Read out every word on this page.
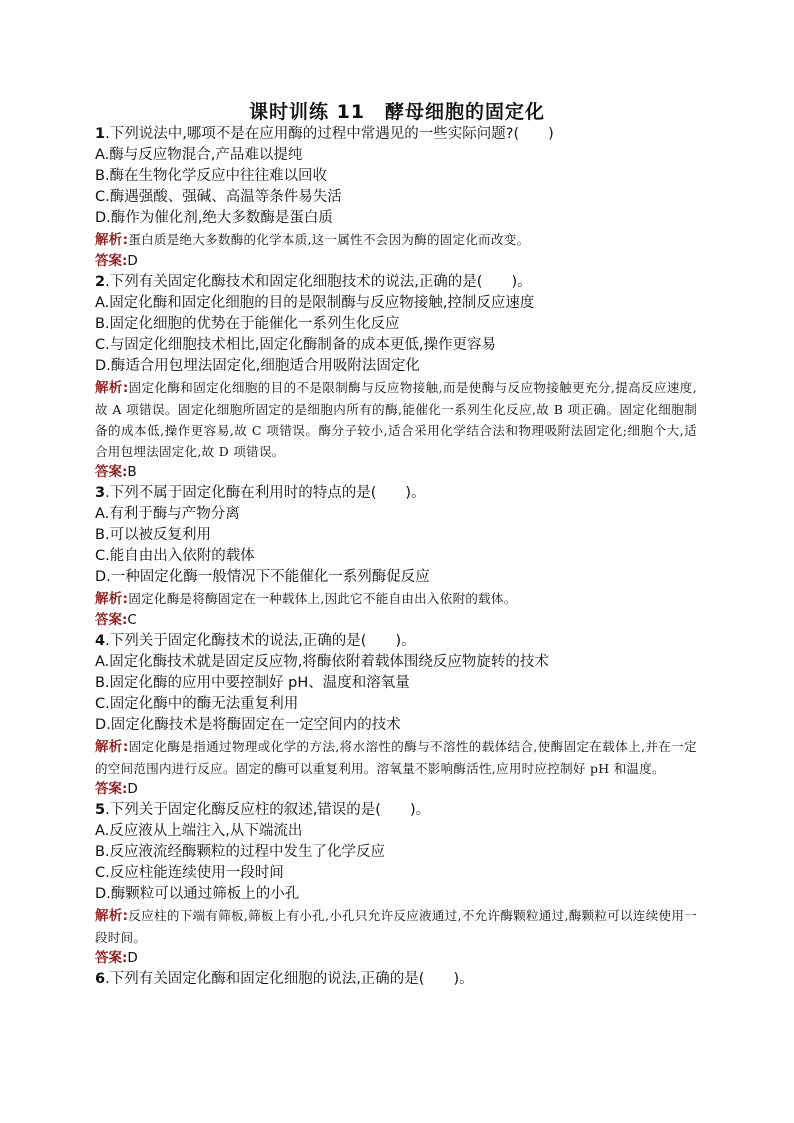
课时训练 11　酵母细胞的固定化

1.下列说法中,哪项不是在应用酶的过程中常遇见的一些实际问题?(　　)

A.酶与反应物混合,产品难以提纯

B.酶在生物化学反应中往往难以回收

C.酶遇强酸、强碱、高温等条件易失活

D.酶作为催化剂,绝大多数酶是蛋白质

解析:蛋白质是绝大多数酶的化学本质,这一属性不会因为酶的固定化而改变。

答案:D

2.下列有关固定化酶技术和固定化细胞技术的说法,正确的是(　　)。

A.固定化酶和固定化细胞的目的是限制酶与反应物接触,控制反应速度

B.固定化细胞的优势在于能催化一系列生化反应

C.与固定化细胞技术相比,固定化酶制备的成本更低,操作更容易

D.酶适合用包埋法固定化,细胞适合用吸附法固定化

解析:固定化酶和固定化细胞的目的不是限制酶与反应物接触,而是使酶与反应物接触更充分,提高反应速度,故 A 项错误。固定化细胞所固定的是细胞内所有的酶,能催化一系列生化反应,故 B 项正确。固定化细胞制备的成本低,操作更容易,故 C 项错误。酶分子较小,适合采用化学结合法和物理吸附法固定化;细胞个大,适合用包埋法固定化,故 D 项错误。

答案:B

3.下列不属于固定化酶在利用时的特点的是(　　)。

A.有利于酶与产物分离

B.可以被反复利用

C.能自由出入依附的载体

D.一种固定化酶一般情况下不能催化一系列酶促反应

解析:固定化酶是将酶固定在一种载体上,因此它不能自由出入依附的载体。

答案:C

4.下列关于固定化酶技术的说法,正确的是(　　)。

A.固定化酶技术就是固定反应物,将酶依附着载体围绕反应物旋转的技术

B.固定化酶的应用中要控制好 pH、温度和溶氧量

C.固定化酶中的酶无法重复利用

D.固定化酶技术是将酶固定在一定空间内的技术

解析:固定化酶是指通过物理或化学的方法,将水溶性的酶与不溶性的载体结合,使酶固定在载体上,并在一定的空间范围内进行反应。固定的酶可以重复利用。溶氧量不影响酶活性,应用时应控制好 pH 和温度。

答案:D

5.下列关于固定化酶反应柱的叙述,错误的是(　　)。

A.反应液从上端注入,从下端流出

B.反应液流经酶颗粒的过程中发生了化学反应

C.反应柱能连续使用一段时间

D.酶颗粒可以通过筛板上的小孔

解析:反应柱的下端有筛板,筛板上有小孔,小孔只允许反应液通过,不允许酶颗粒通过,酶颗粒可以连续使用一段时间。

答案:D

6.下列有关固定化酶和固定化细胞的说法,正确的是(　　)。
